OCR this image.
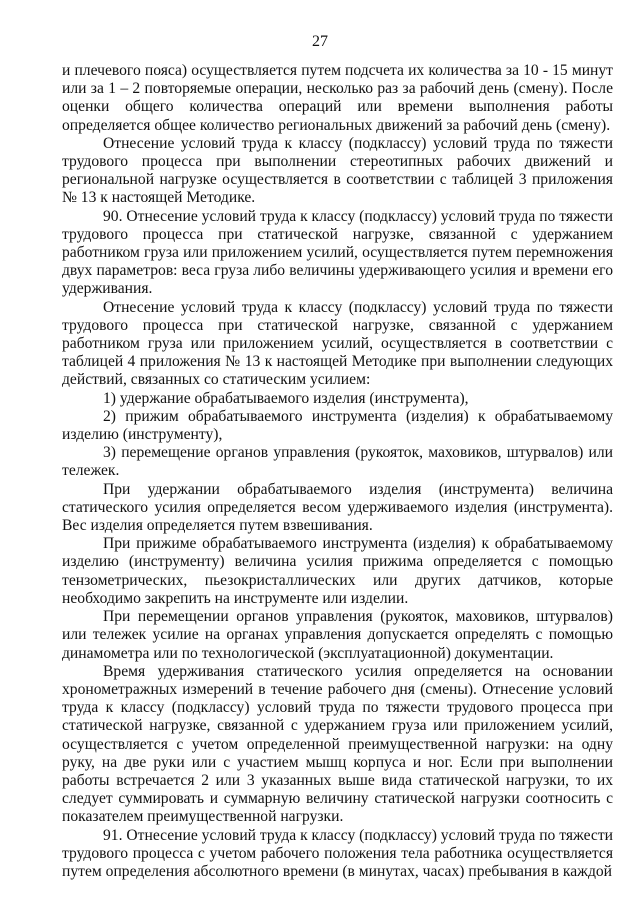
27

и плечевого пояса) осуществляется путем подсчета их количества за 10 - 15 минут или за 1 – 2 повторяемые операции, несколько раз за рабочий день (смену). После оценки общего количества операций или времени выполнения работы определяется общее количество региональных движений за рабочий день (смену).

Отнесение условий труда к классу (подклассу) условий труда по тяжести трудового процесса при выполнении стереотипных рабочих движений и региональной нагрузке осуществляется в соответствии с таблицей 3 приложения № 13 к настоящей Методике.

90. Отнесение условий труда к классу (подклассу) условий труда по тяжести трудового процесса при статической нагрузке, связанной с удержанием работником груза или приложением усилий, осуществляется путем перемножения двух параметров: веса груза либо величины удерживающего усилия и времени его удерживания.

Отнесение условий труда к классу (подклассу) условий труда по тяжести трудового процесса при статической нагрузке, связанной с удержанием работником груза или приложением усилий, осуществляется в соответствии с таблицей 4 приложения № 13 к настоящей Методике при выполнении следующих действий, связанных со статическим усилием:

1) удержание обрабатываемого изделия (инструмента),

2) прижим обрабатываемого инструмента (изделия) к обрабатываемому изделию (инструменту),

3) перемещение органов управления (рукояток, маховиков, штурвалов) или тележек.

При удержании обрабатываемого изделия (инструмента) величина статического усилия определяется весом удерживаемого изделия (инструмента). Вес изделия определяется путем взвешивания.

При прижиме обрабатываемого инструмента (изделия) к обрабатываемому изделию (инструменту) величина усилия прижима определяется с помощью тензометрических, пьезокристаллических или других датчиков, которые необходимо закрепить на инструменте или изделии.

При перемещении органов управления (рукояток, маховиков, штурвалов) или тележек усилие на органах управления допускается определять с помощью динамометра или по технологической (эксплуатационной) документации.

Время удерживания статического усилия определяется на основании хронометражных измерений в течение рабочего дня (смены). Отнесение условий труда к классу (подклассу) условий труда по тяжести трудового процесса при статической нагрузке, связанной с удержанием груза или приложением усилий, осуществляется с учетом определенной преимущественной нагрузки: на одну руку, на две руки или с участием мышц корпуса и ног. Если при выполнении работы встречается 2 или 3 указанных выше вида статической нагрузки, то их следует суммировать и суммарную величину статической нагрузки соотносить с показателем преимущественной нагрузки.

91. Отнесение условий труда к классу (подклассу) условий труда по тяжести трудового процесса с учетом рабочего положения тела работника осуществляется путем определения абсолютного времени (в минутах, часах) пребывания в каждой
